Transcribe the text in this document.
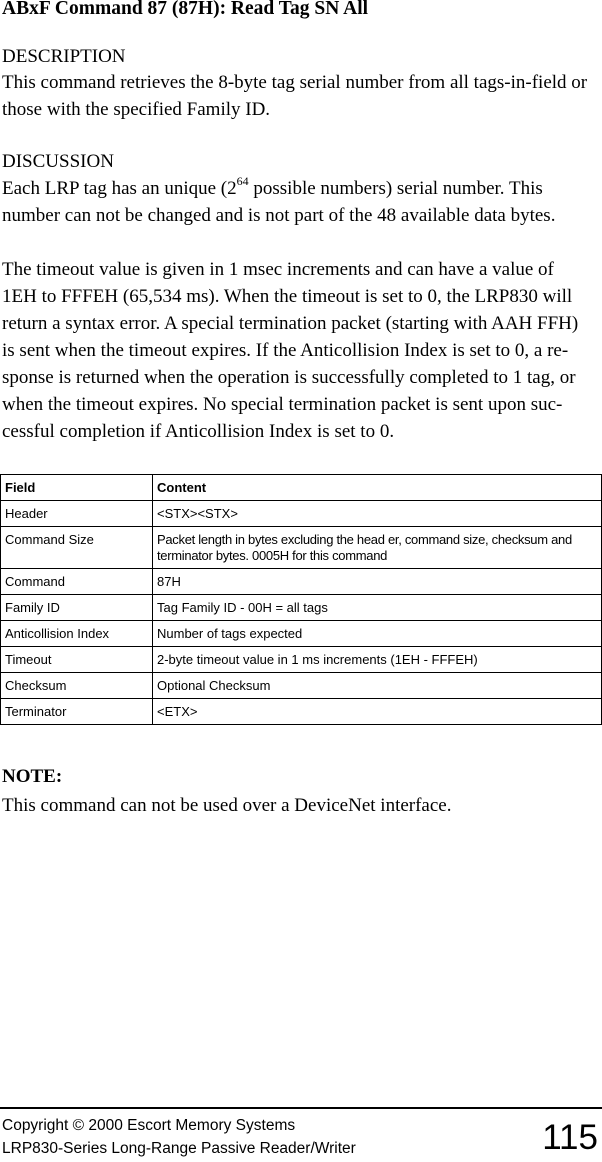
ABxF Command 87 (87H): Read Tag SN All
DESCRIPTION
This command retrieves the 8-byte tag serial number from all tags-in-field or
those with the specified Family ID.
DISCUSSION
Each LRP tag has an unique ($2^{64}$ possible numbers) serial number. This
number can not be changed and is not part of the 48 available data bytes.
The timeout value is given in 1 msec increments and can have a value of
1EH to FFFEH (65,534 ms). When the timeout is set to 0, the LRP830 will
return a syntax error. A special termination packet (starting with AAH FFH)
is sent when the timeout expires. If the Anticollision Index is set to 0, a re-
sponse is returned when the operation is successfully completed to 1 tag, or
when the timeout expires. No special termination packet is sent upon suc-
cessful completion if Anticollision Index is set to 0.
Field	Content
Header	<STX><STX>
Command Size	Packet length in bytes excluding the head er, command size, checksum and terminator bytes. 0005H for this command
Command	87H
Family ID	Tag Family ID - 00H = all tags
Anticollision Index	Number of tags expected
Timeout	2-byte timeout value in 1 ms increments (1EH - FFFEH)
Checksum	Optional Checksum
Terminator	<ETX>
NOTE:
This command can not be used over a DeviceNet interface.
Copyright © 2000 Escort Memory Systems
LRP830-Series Long-Range Passive Reader/Writer	115
